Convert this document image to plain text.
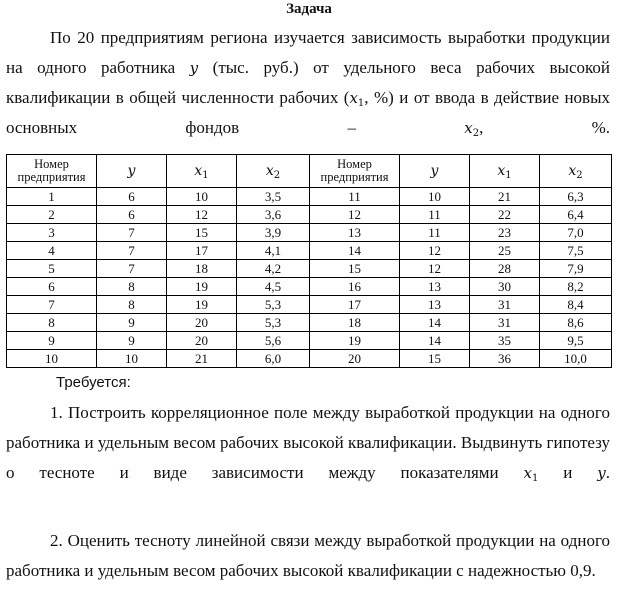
Задача

По 20 предприятиям региона изучается зависимость выработки продукции на одного работника y (тыс. руб.) от удельного веса рабочих высокой квалификации в общей численности рабочих ($x_1$, %) и от ввода в действие новых основных фондов – $x_2$, %.

Номер предприятия	y	$x_1$	$x_2$	Номер предприятия	y	$x_1$	$x_2$
1	6	10	3,5	11	10	21	6,3
2	6	12	3,6	12	11	22	6,4
3	7	15	3,9	13	11	23	7,0
4	7	17	4,1	14	12	25	7,5
5	7	18	4,2	15	12	28	7,9
6	8	19	4,5	16	13	30	8,2
7	8	19	5,3	17	13	31	8,4
8	9	20	5,3	18	14	31	8,6
9	9	20	5,6	19	14	35	9,5
10	10	21	6,0	20	15	36	10,0
Требуется:

1. Построить корреляционное поле между выработкой продукции на одного работника и удельным весом рабочих высокой квалификации. Выдвинуть гипотезу о тесноте и виде зависимости между показателями $x_1$ и y.

2. Оценить тесноту линейной связи между выработкой продукции на одного работника и удельным весом рабочих высокой квалификации с надежностью 0,9.
